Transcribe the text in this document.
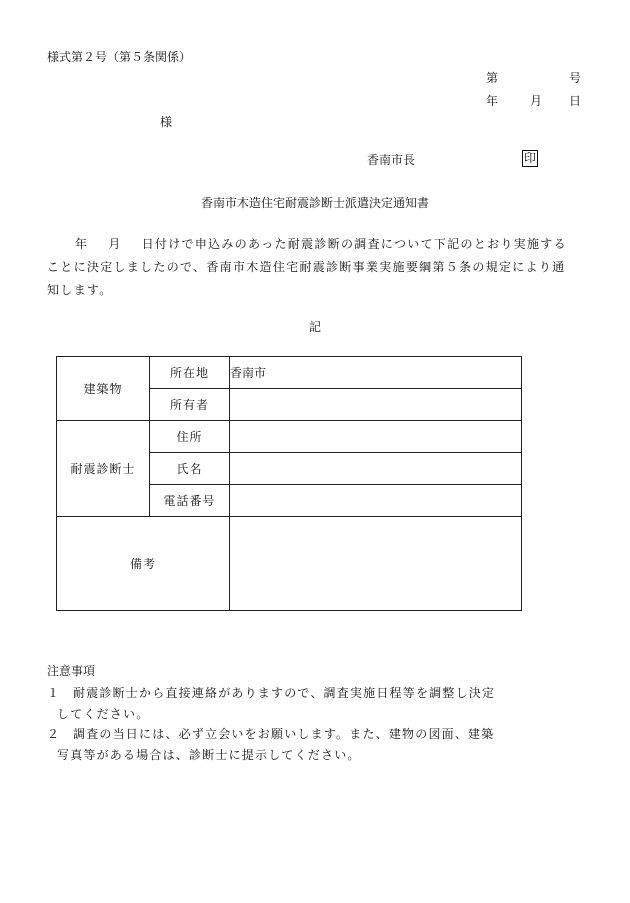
様式第２号（第５条関係）
第	号
年	月 日
様
香南市長	印
香南市木造住宅耐震診断士派遣決定通知書
年 月 日付けで申込みのあった耐震診断の調査について下記のとおり実施することに決定しましたので、香南市木造住宅耐震診断事業実施要綱第５条の規定により通知します。
記
建築物	所在地	香南市
	所有者	
耐震診断士	住所	
	氏名	
	電話番号	
備考		
注意事項
１ 耐震診断士から直接連絡がありますので、調査実施日程等を調整し決定
してください。
２ 調査の当日には、必ず立会いをお願いします。また、建物の図面、建築
写真等がある場合は、診断士に提示してください。
